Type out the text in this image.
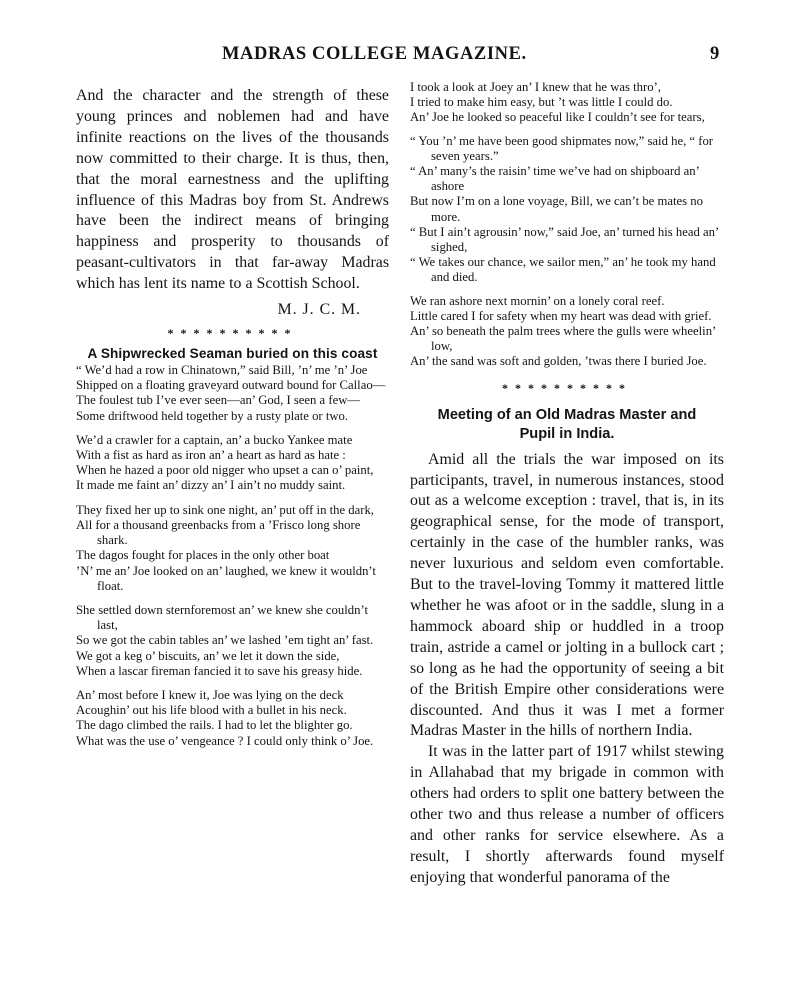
MADRAS COLLEGE MAGAZINE.	9

And the character and the strength of these young princes and noblemen had and have infinite reactions on the lives of the thousands now committed to their charge. It is thus, then, that the moral earnestness and the uplifting influence of this Madras boy from St. Andrews have been the indirect means of bringing happiness and prosperity to thousands of peasant-cultivators in that far-away Madras which has lent its name to a Scottish School.

M. J. C. M.

**********
A Shipwrecked Seaman buried on this coast

“ We’d had a row in Chinatown,” said Bill, ’n’ me ’n’ Joe

Shipped on a floating graveyard outward bound for Callao—

The foulest tub I’ve ever seen—an’ God, I seen a few—

Some driftwood held together by a rusty plate or two.

We’d a crawler for a captain, an’ a bucko Yankee mate

With a fist as hard as iron an’ a heart as hard as hate :

When he hazed a poor old nigger who upset a can o’ paint,

It made me faint an’ dizzy an’ I ain’t no muddy saint.

They fixed her up to sink one night, an’ put off in the dark,

All for a thousand greenbacks from a ’Frisco long shore shark.

The dagos fought for places in the only other boat

’N’ me an’ Joe looked on an’ laughed, we knew it wouldn’t float.

She settled down sternforemost an’ we knew she couldn’t last,

So we got the cabin tables an’ we lashed ’em tight an’ fast.

We got a keg o’ biscuits, an’ we let it down the side,

When a lascar fireman fancied it to save his greasy hide.

An’ most before I knew it, Joe was lying on the deck

Acoughin’ out his life blood with a bullet in his neck.

The dago climbed the rails. I had to let the blighter go.

What was the use o’ vengeance ? I could only think o’ Joe.

I took a look at Joey an’ I knew that he was thro’,

I tried to make him easy, but ’t was little I could do.

An’ Joe he looked so peaceful like I couldn’t see for tears,

“ You ’n’ me have been good shipmates now,” said he, “ for seven years.”

“ An’ many’s the raisin’ time we’ve had on shipboard an’ ashore

But now I’m on a lone voyage, Bill, we can’t be mates no more.

“ But I ain’t agrousin’ now,” said Joe, an’ turned his head an’ sighed,

“ We takes our chance, we sailor men,” an’ he took my hand and died.

We ran ashore next mornin’ on a lonely coral reef.

Little cared I for safety when my heart was dead with grief.

An’ so beneath the palm trees where the gulls were wheelin’ low,

An’ the sand was soft and golden, ’twas there I buried Joe.

**********
Meeting of an Old Madras Master and
Pupil in India.

Amid all the trials the war imposed on its participants, travel, in numerous instances, stood out as a welcome exception : travel, that is, in its geographical sense, for the mode of transport, certainly in the case of the humbler ranks, was never luxurious and seldom even comfortable. But to the travel-loving Tommy it mattered little whether he was afoot or in the saddle, slung in a hammock aboard ship or huddled in a troop train, astride a camel or jolting in a bullock cart ; so long as he had the opportunity of seeing a bit of the British Empire other considerations were discounted. And thus it was I met a former Madras Master in the hills of northern India.

It was in the latter part of 1917 whilst stewing in Allahabad that my brigade in common with others had orders to split one battery between the other two and thus release a number of officers and other ranks for service elsewhere. As a result, I shortly afterwards found myself enjoying that wonderful panorama of the
